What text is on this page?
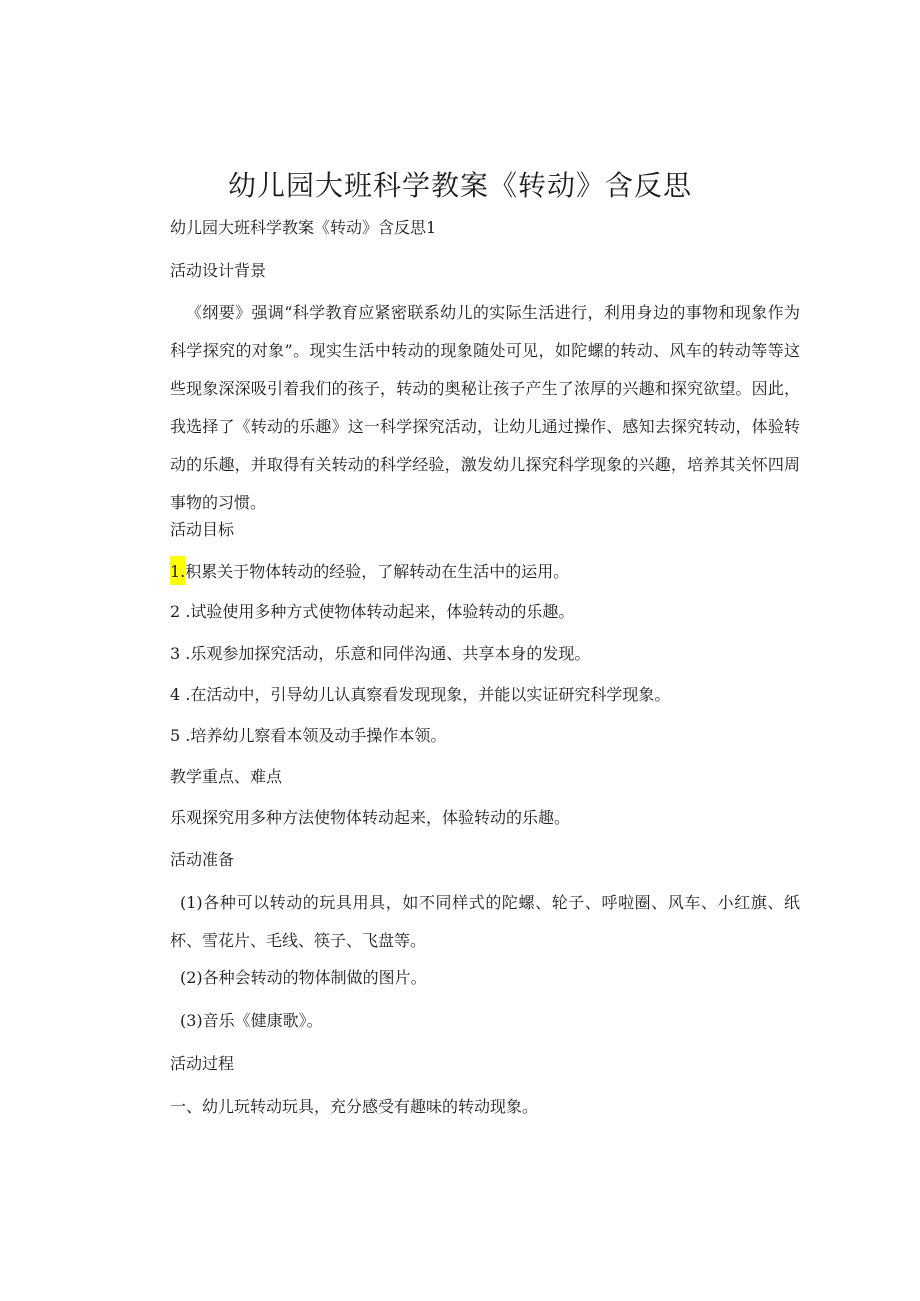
幼儿园大班科学教案《转动》含反思

幼儿园大班科学教案《转动》含反思1

活动设计背景

《纲要》强调“科学教育应紧密联系幼儿的实际生活进行，利用身边的事物和现象作为科学探究的对象”。现实生活中转动的现象随处可见，如陀螺的转动、风车的转动等等这些现象深深吸引着我们的孩子，转动的奥秘让孩子产生了浓厚的兴趣和探究欲望。因此，我选择了《转动的乐趣》这一科学探究活动，让幼儿通过操作、感知去探究转动，体验转动的乐趣，并取得有关转动的科学经验，激发幼儿探究科学现象的兴趣，培养其关怀四周事物的习惯。

活动目标

1.积累关于物体转动的经验，了解转动在生活中的运用。

2 .试验使用多种方式使物体转动起来，体验转动的乐趣。

3 .乐观参加探究活动，乐意和同伴沟通、共享本身的发现。

4 .在活动中，引导幼儿认真察看发现现象，并能以实证研究科学现象。

5 .培养幼儿察看本领及动手操作本领。

教学重点、难点

乐观探究用多种方法使物体转动起来，体验转动的乐趣。

活动准备

(1)各种可以转动的玩具用具，如不同样式的陀螺、轮子、呼啦圈、风车、小红旗、纸杯、雪花片、毛线、筷子、飞盘等。

(2)各种会转动的物体制做的图片。

(3)音乐《健康歌》。

活动过程

一、幼儿玩转动玩具，充分感受有趣味的转动现象。
